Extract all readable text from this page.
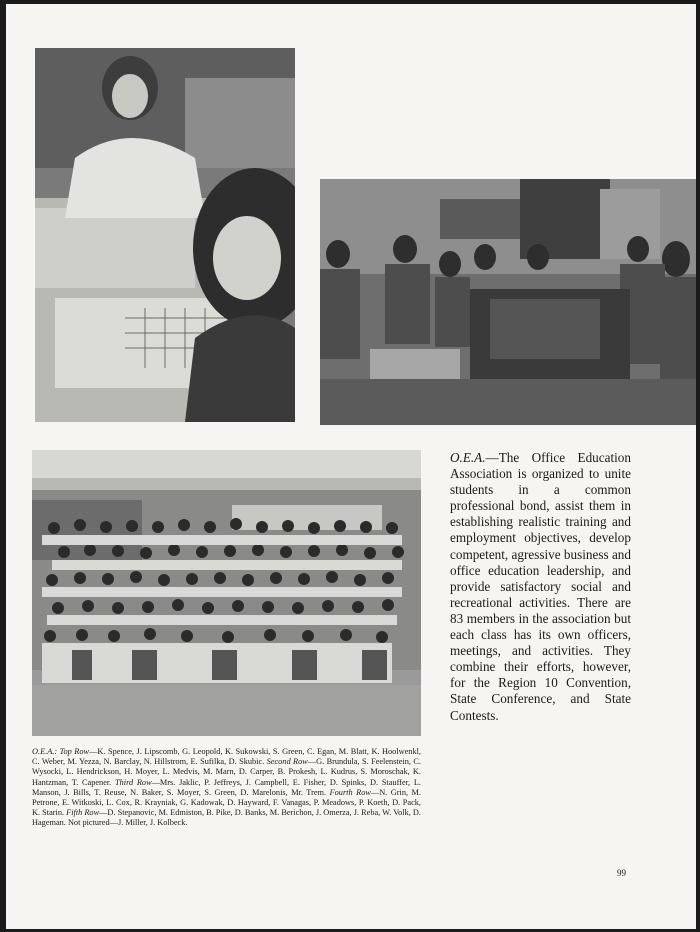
O.E.A.—The Office Education Association is organized to unite students in a common professional bond, assist them in establishing realistic training and employment objectives, develop competent, agressive business and office education leadership, and provide satisfactory social and recreational activities. There are 83 members in the association but each class has its own officers, meetings, and activities. They combine their efforts, however, for the Region 10 Convention, State Conference, and State Contests.

O.E.A.: Top Row—K. Spence, J. Lipscomb, G. Leopold, K. Sukowski, S. Green, C. Egan, M. Blatt, K. Hoolwenkl, C. Weber, M. Yezza, N. Barclay, N. Hillstrom, E. Sufilka, D. Skubic. Second Row—G. Brundula, S. Feelenstein, C. Wysocki, L. Hendrickson, H. Moyer, L. Medvis, M. Marn, D. Carper, B. Prokesh, L. Kudrus, S. Moroschak, K. Hantzman, T. Capener. Third Row—Mrs. Jaklic, P. Jeffreys, J. Campbell, E. Fisher, D. Spinks, D. Stauffer, L. Manson, J. Bills, T. Reuse, N. Baker, S. Moyer, S. Green, D. Marelonis, Mr. Trem. Fourth Row—N. Grin, M. Petrone, E. Witkoski, L. Cox, R. Krayniak, G. Kadowak, D. Hayward, F. Vanagas, P. Meadows, P. Koeth, D. Pack, K. Starin. Fifth Row—D. Stepanovic, M. Edmiston, B. Pike, D. Banks, M. Berichon, J. Omerza, J. Reba, W. Volk, D. Hageman. Not pictured—J. Miller, J. Kolbeck.

99
